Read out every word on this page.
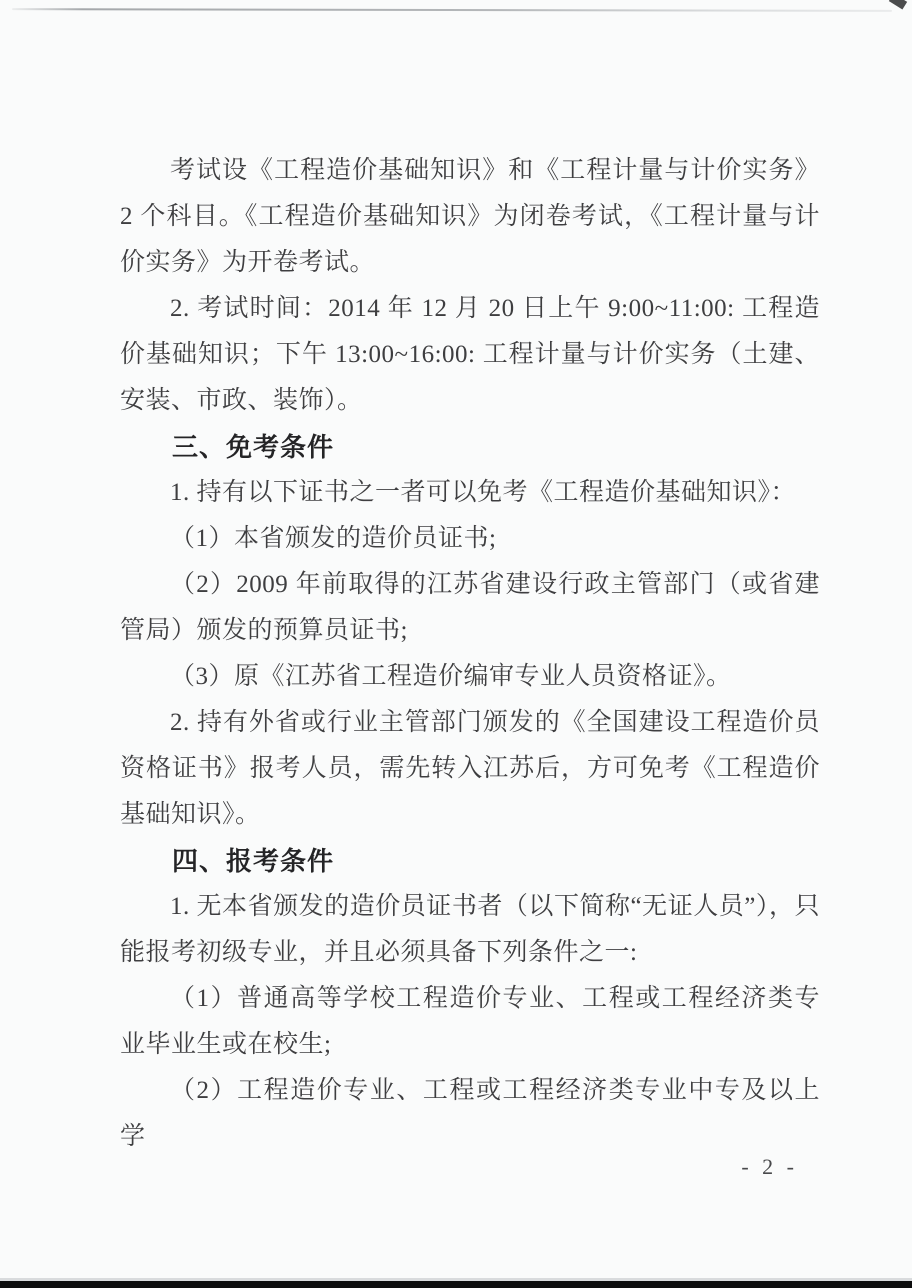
考试设《工程造价基础知识》和《工程计量与计价实务》2 个科目。《工程造价基础知识》为闭卷考试，《工程计量与计价实务》为开卷考试。

2. 考试时间：2014 年 12 月 20 日上午 9:00~11:00: 工程造价基础知识；下午 13:00~16:00: 工程计量与计价实务（土建、安装、市政、装饰）。

三、免考条件

1. 持有以下证书之一者可以免考《工程造价基础知识》：

（1）本省颁发的造价员证书;

（2）2009 年前取得的江苏省建设行政主管部门（或省建管局）颁发的预算员证书;

（3）原《江苏省工程造价编审专业人员资格证》。

2. 持有外省或行业主管部门颁发的《全国建设工程造价员资格证书》报考人员，需先转入江苏后，方可免考《工程造价基础知识》。

四、报考条件

1. 无本省颁发的造价员证书者（以下简称“无证人员”），只能报考初级专业，并且必须具备下列条件之一:

（1）普通高等学校工程造价专业、工程或工程经济类专业毕业生或在校生;

（2）工程造价专业、工程或工程经济类专业中专及以上学

- 2 -
